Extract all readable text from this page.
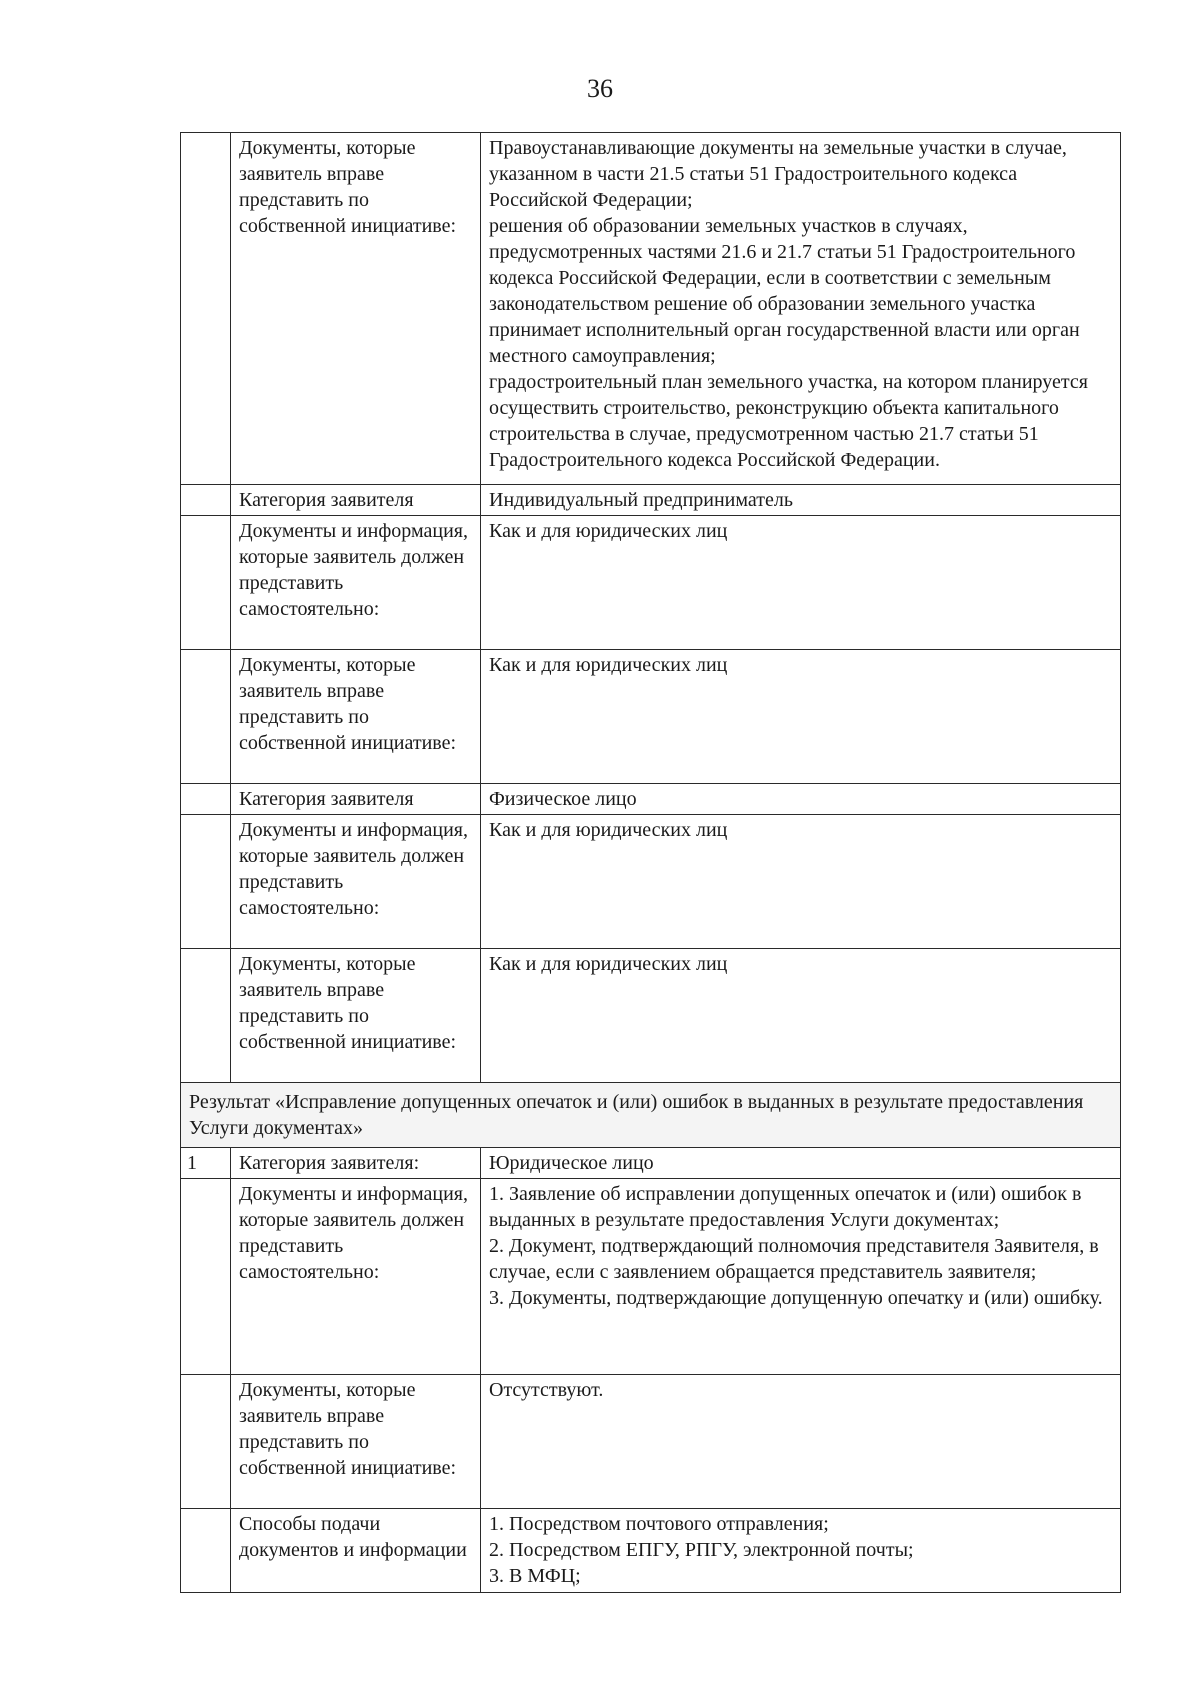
36

	Документы, которые заявитель вправе представить по собственной инициативе:	Правоустанавливающие документы на земельные участки в случае, указанном в части 21.5 статьи 51 Градостроительного кодекса Российской Федерации;
решения об образовании земельных участков в случаях, предусмотренных частями 21.6 и 21.7 статьи 51 Градостроительного кодекса Российской Федерации, если в соответствии с земельным законодательством решение об образовании земельного участка принимает исполнительный орган государственной власти или орган местного самоуправления;
градостроительный план земельного участка, на котором планируется осуществить строительство, реконструкцию объекта капитального строительства в случае, предусмотренном частью 21.7 статьи 51 Градостроительного кодекса Российской Федерации.

	Категория заявителя	Индивидуальный предприниматель

	Документы и информация, которые заявитель должен представить самостоятельно:	Как и для юридических лиц

	Документы, которые заявитель вправе представить по собственной инициативе:	Как и для юридических лиц

	Категория заявителя	Физическое лицо

	Документы и информация, которые заявитель должен представить самостоятельно:	Как и для юридических лиц

	Документы, которые заявитель вправе представить по собственной инициативе:	Как и для юридических лиц

Результат «Исправление допущенных опечаток и (или) ошибок в выданных в результате предоставления Услуги документах»		
1	Категория заявителя:	Юридическое лицо

	Документы и информация, которые заявитель должен представить самостоятельно:	1. Заявление об исправлении допущенных опечаток и (или) ошибок в выданных в результате предоставления Услуги документах;
2. Документ, подтверждающий полномочия представителя Заявителя, в случае, если с заявлением обращается представитель заявителя;
3. Документы, подтверждающие допущенную опечатку и (или) ошибку.

	Документы, которые заявитель вправе представить по собственной инициативе:	Отсутствуют.

	Способы подачи документов и информации	1. Посредством почтового отправления;
2. Посредством ЕПГУ, РПГУ, электронной почты;
3. В МФЦ;
